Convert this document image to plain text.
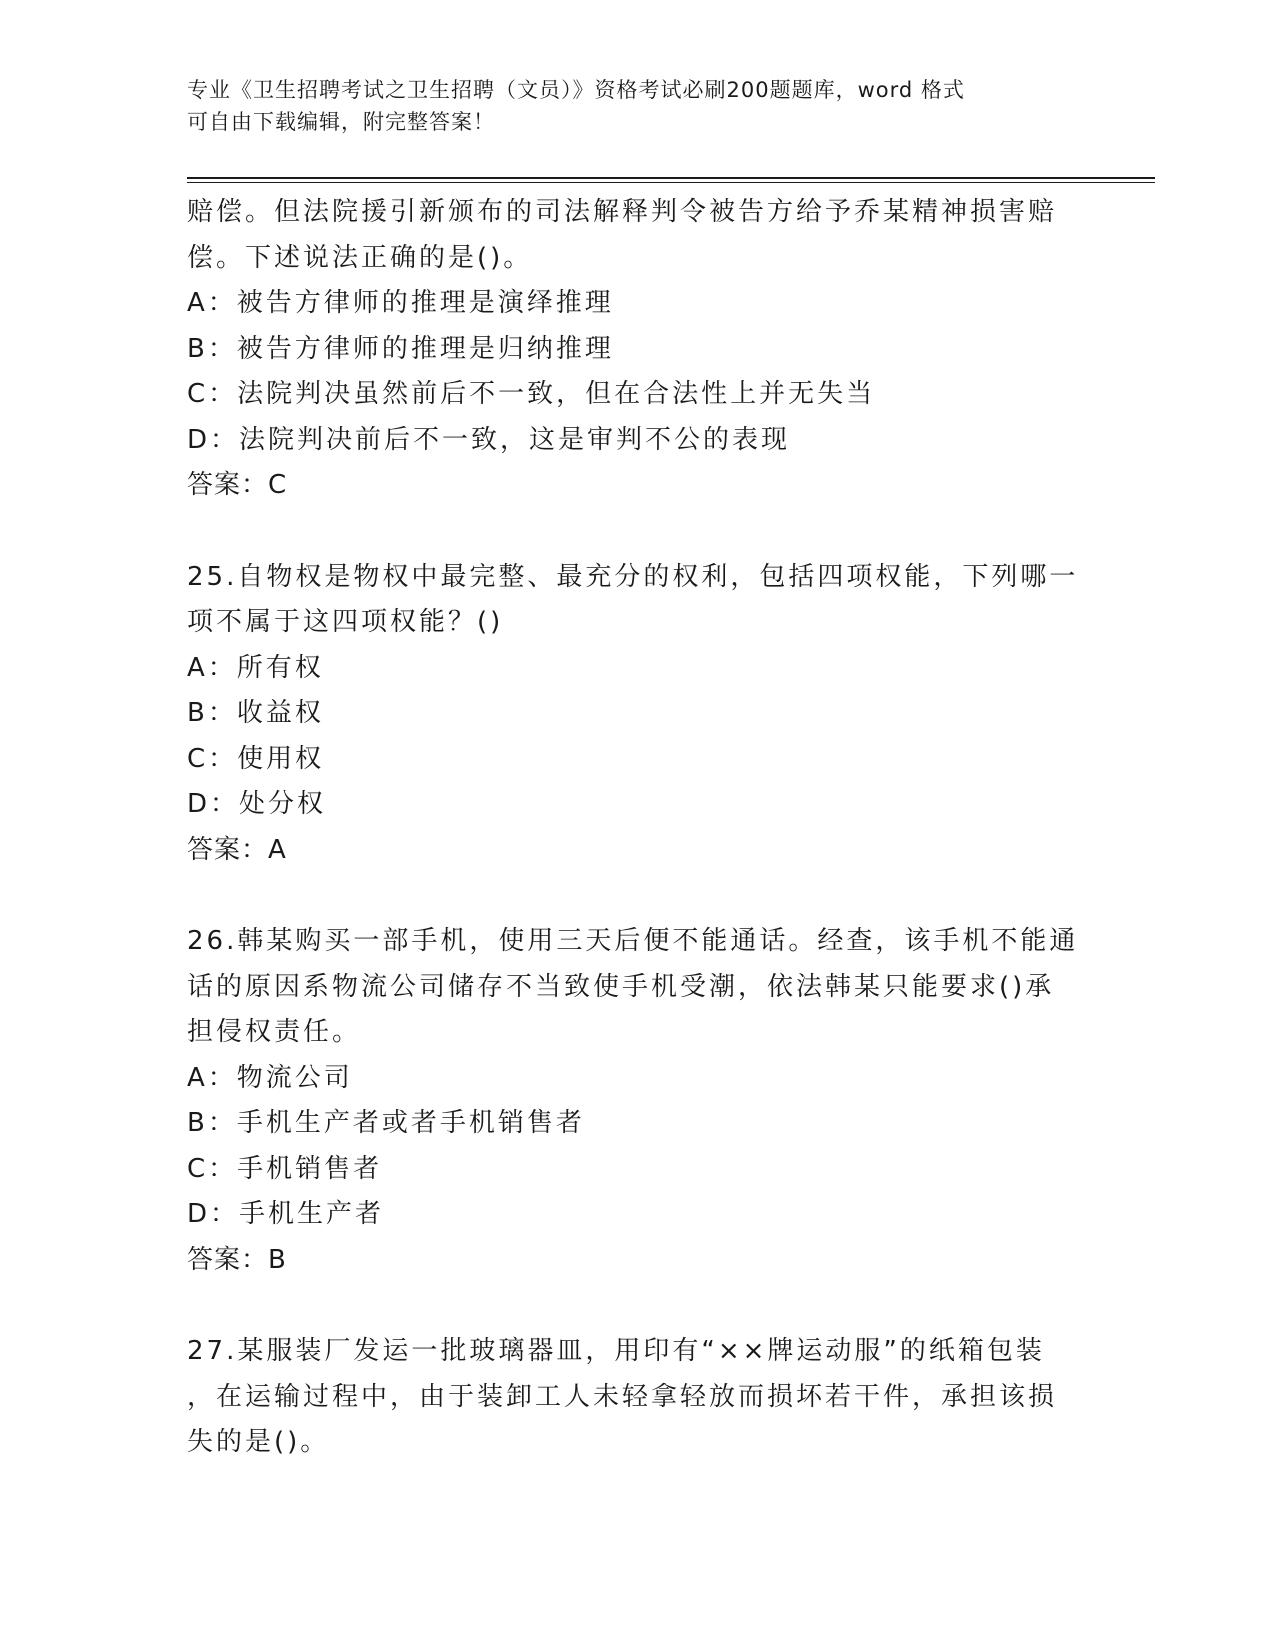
专业《卫生招聘考试之卫生招聘（文员）》资格考试必刷200题题库，word 格式
可自由下载编辑，附完整答案！
赔偿。但法院援引新颁布的司法解释判令被告方给予乔某精神损害赔
偿。下述说法正确的是()。
A：被告方律师的推理是演绎推理
B：被告方律师的推理是归纳推理
C：法院判决虽然前后不一致，但在合法性上并无失当
D：法院判决前后不一致，这是审判不公的表现
答案：C
25.自物权是物权中最完整、最充分的权利，包括四项权能，下列哪一
项不属于这四项权能？()
A：所有权
B：收益权
C：使用权
D：处分权
答案：A
26.韩某购买一部手机，使用三天后便不能通话。经查，该手机不能通
话的原因系物流公司储存不当致使手机受潮，依法韩某只能要求()承
担侵权责任。
A：物流公司
B：手机生产者或者手机销售者
C：手机销售者
D：手机生产者
答案：B
27.某服装厂发运一批玻璃器皿，用印有“××牌运动服”的纸箱包装
，在运输过程中，由于装卸工人未轻拿轻放而损坏若干件，承担该损
失的是()。
